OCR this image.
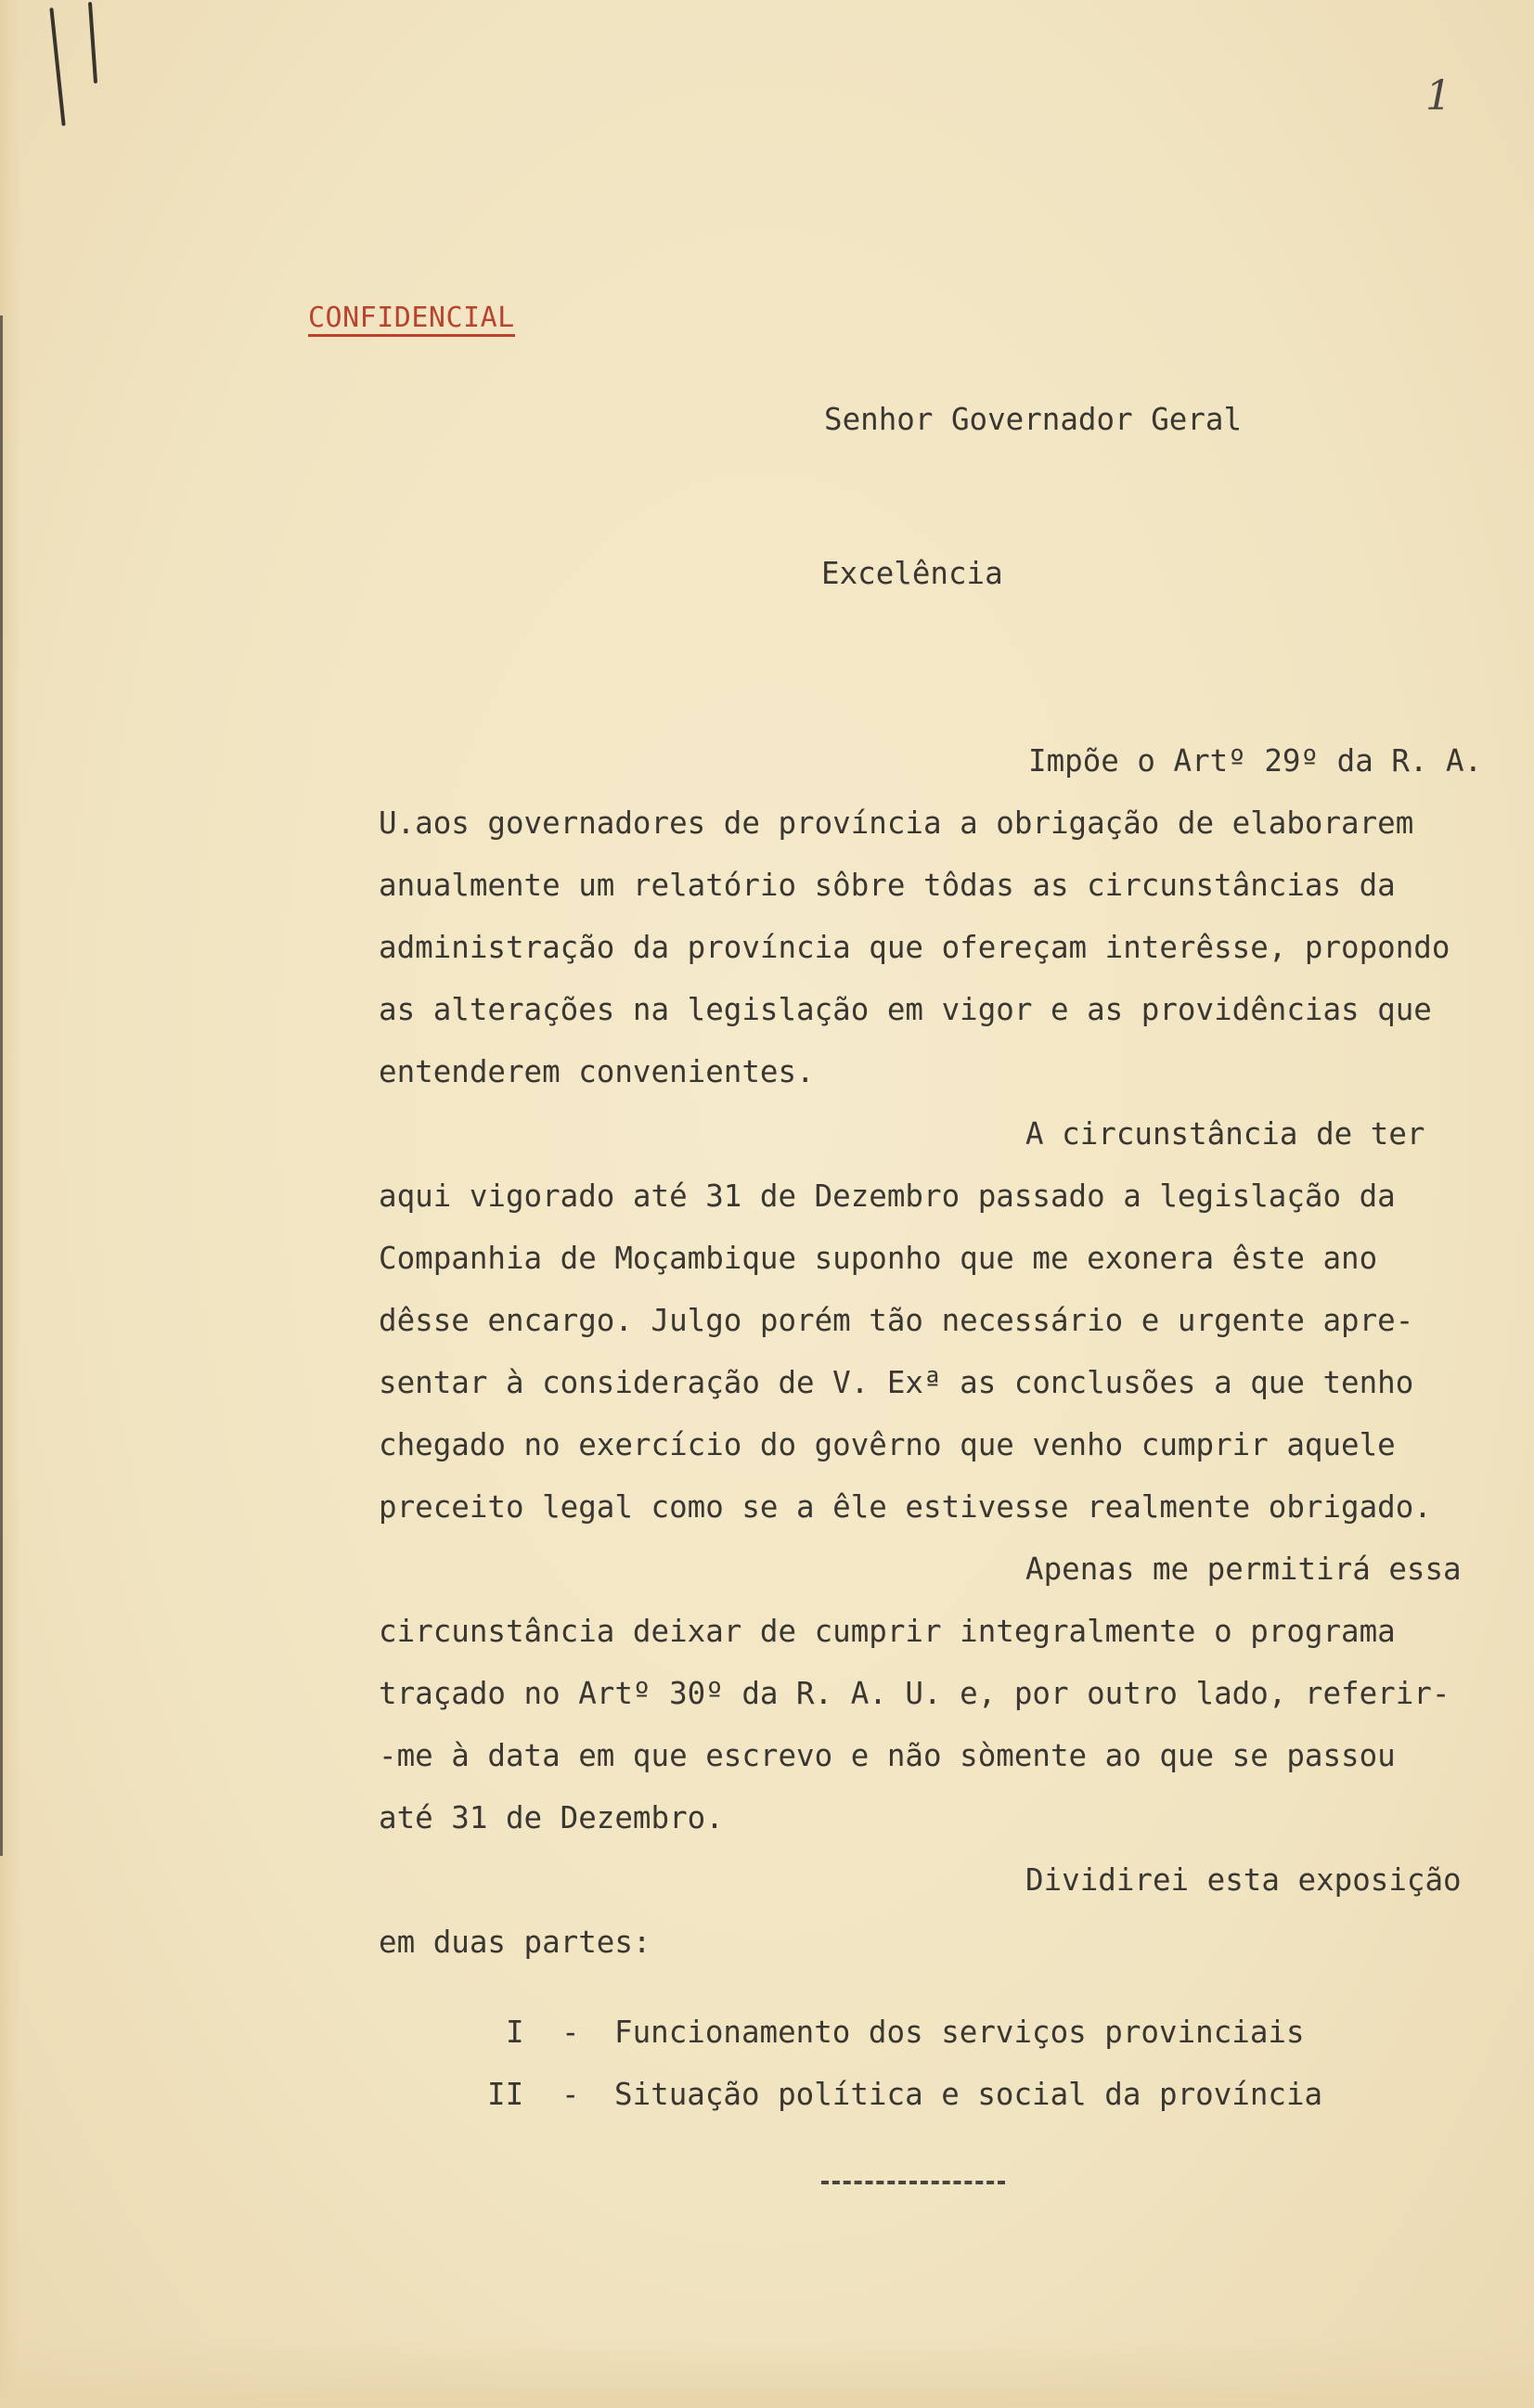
1
CONFIDENCIAL
Senhor Governador Geral
Excelência
Impõe o Artº 29º da R. A.
U.aos governadores de província a obrigação de elaborarem
anualmente um relatório sôbre tôdas as circunstâncias da
administração da província que ofereçam interêsse, propondo
as alterações na legislação em vigor e as providências que
entenderem convenientes.
A circunstância de ter
aqui vigorado até 31 de Dezembro passado a legislação da
Companhia de Moçambique suponho que me exonera êste ano
dêsse encargo. Julgo porém tão necessário e urgente apre-
sentar à consideração de V. Exª as conclusões a que tenho
chegado no exercício do govêrno que venho cumprir aquele
preceito legal como se a êle estivesse realmente obrigado.
Apenas me permitirá essa
circunstância deixar de cumprir integralmente o programa
traçado no Artº 30º da R. A. U. e, por outro lado, referir-
-me à data em que escrevo e não sòmente ao que se passou
até 31 de Dezembro.
Dividirei esta exposição
em duas partes:
I - Funcionamento dos serviços provinciais
II - Situação política e social da província
